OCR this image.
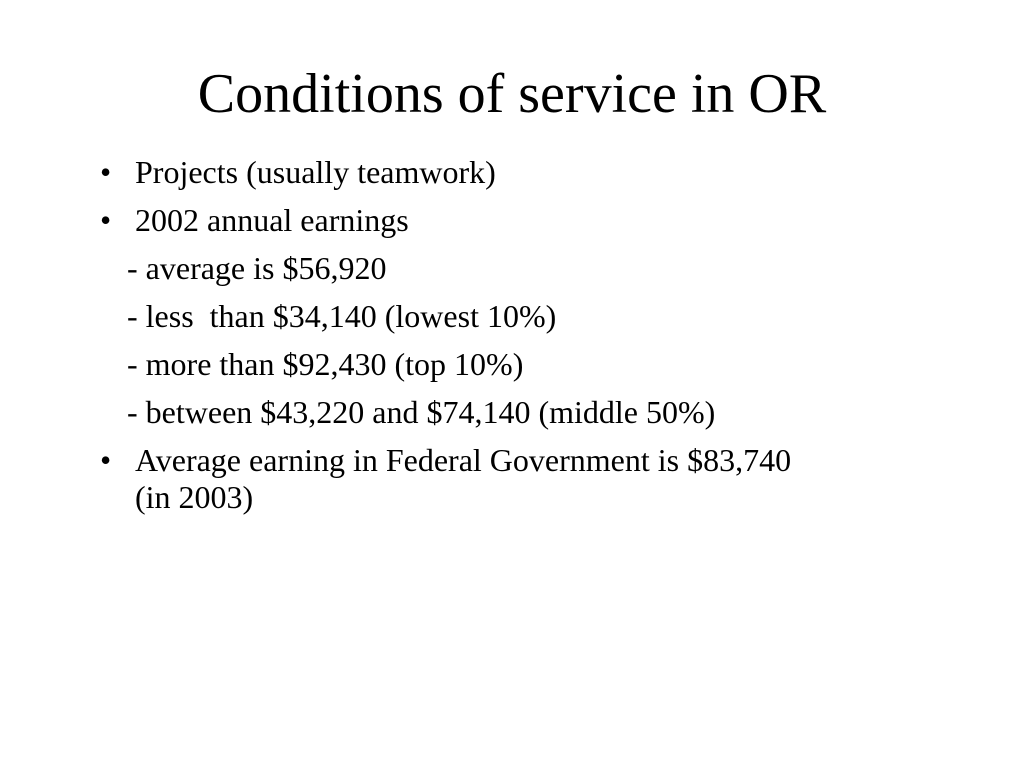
Conditions of service in OR
• Projects (usually teamwork)
• 2002 annual earnings
- average is $56,920
- less  than $34,140 (lowest 10%)
- more than $92,430 (top 10%)
- between $43,220 and $74,140 (middle 50%)
• Average earning in Federal Government is $83,740 (in 2003)
